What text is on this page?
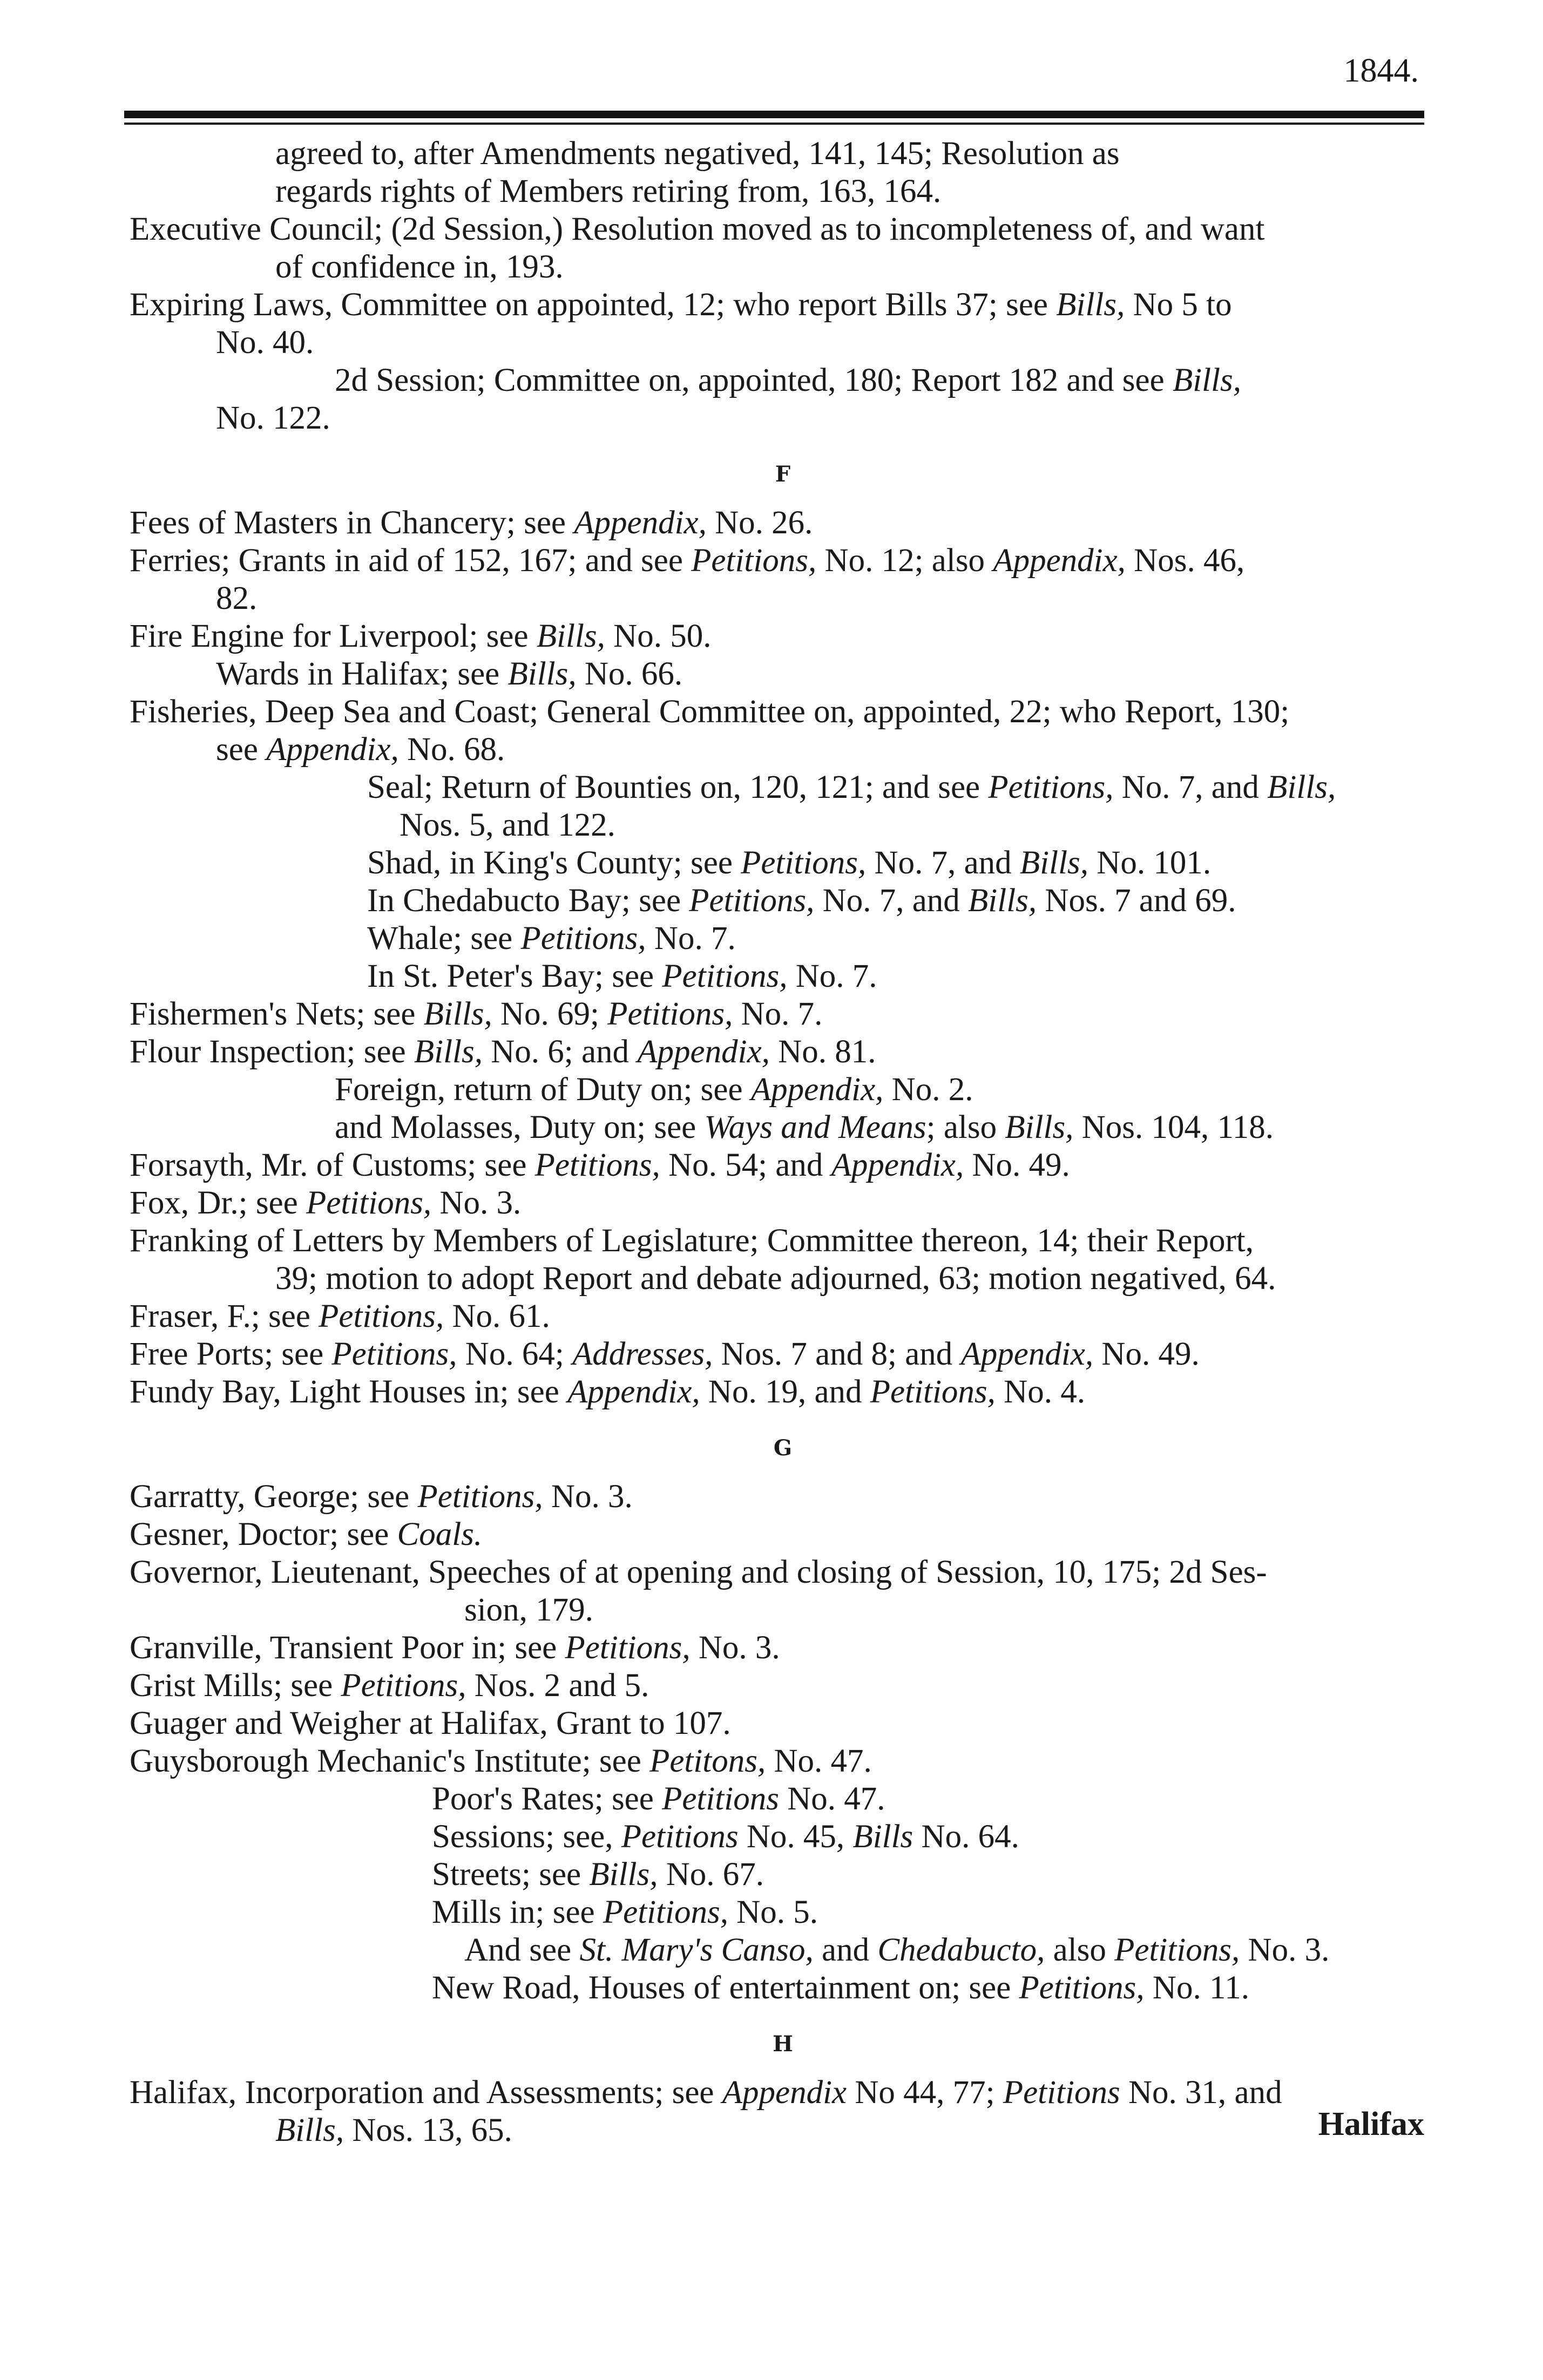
1844.
agreed to, after Amendments negatived, 141, 145; Resolution as
regards rights of Members retiring from, 163, 164.
Executive Council; (2d Session,) Resolution moved as to incompleteness of, and want
of confidence in, 193.
Expiring Laws, Committee on appointed, 12; who report Bills 37; see Bills, No 5 to
No. 40.
2d Session; Committee on, appointed, 180; Report 182 and see Bills,
No. 122.
F
Fees of Masters in Chancery; see Appendix, No. 26.
Ferries; Grants in aid of 152, 167; and see Petitions, No. 12; also Appendix, Nos. 46,
82.
Fire Engine for Liverpool; see Bills, No. 50.
Wards in Halifax; see Bills, No. 66.
Fisheries, Deep Sea and Coast; General Committee on, appointed, 22; who Report, 130;
see Appendix, No. 68.
Seal; Return of Bounties on, 120, 121; and see Petitions, No. 7, and Bills,
Nos. 5, and 122.
Shad, in King's County; see Petitions, No. 7, and Bills, No. 101.
In Chedabucto Bay; see Petitions, No. 7, and Bills, Nos. 7 and 69.
Whale; see Petitions, No. 7.
In St. Peter's Bay; see Petitions, No. 7.
Fishermen's Nets; see Bills, No. 69; Petitions, No. 7.
Flour Inspection; see Bills, No. 6; and Appendix, No. 81.
Foreign, return of Duty on; see Appendix, No. 2.
and Molasses, Duty on; see Ways and Means; also Bills, Nos. 104, 118.
Forsayth, Mr. of Customs; see Petitions, No. 54; and Appendix, No. 49.
Fox, Dr.; see Petitions, No. 3.
Franking of Letters by Members of Legislature; Committee thereon, 14; their Report,
39; motion to adopt Report and debate adjourned, 63; motion negatived, 64.
Fraser, F.; see Petitions, No. 61.
Free Ports; see Petitions, No. 64; Addresses, Nos. 7 and 8; and Appendix, No. 49.
Fundy Bay, Light Houses in; see Appendix, No. 19, and Petitions, No. 4.
G
Garratty, George; see Petitions, No. 3.
Gesner, Doctor; see Coals.
Governor, Lieutenant, Speeches of at opening and closing of Session, 10, 175; 2d Ses-
sion, 179.
Granville, Transient Poor in; see Petitions, No. 3.
Grist Mills; see Petitions, Nos. 2 and 5.
Guager and Weigher at Halifax, Grant to 107.
Guysborough Mechanic's Institute; see Petitons, No. 47.
Poor's Rates; see Petitions No. 47.
Sessions; see, Petitions No. 45, Bills No. 64.
Streets; see Bills, No. 67.
Mills in; see Petitions, No. 5.
And see St. Mary's Canso, and Chedabucto, also Petitions, No. 3.
New Road, Houses of entertainment on; see Petitions, No. 11.
H
Halifax, Incorporation and Assessments; see Appendix No 44, 77; Petitions No. 31, and
Bills, Nos. 13, 65.	Halifax
